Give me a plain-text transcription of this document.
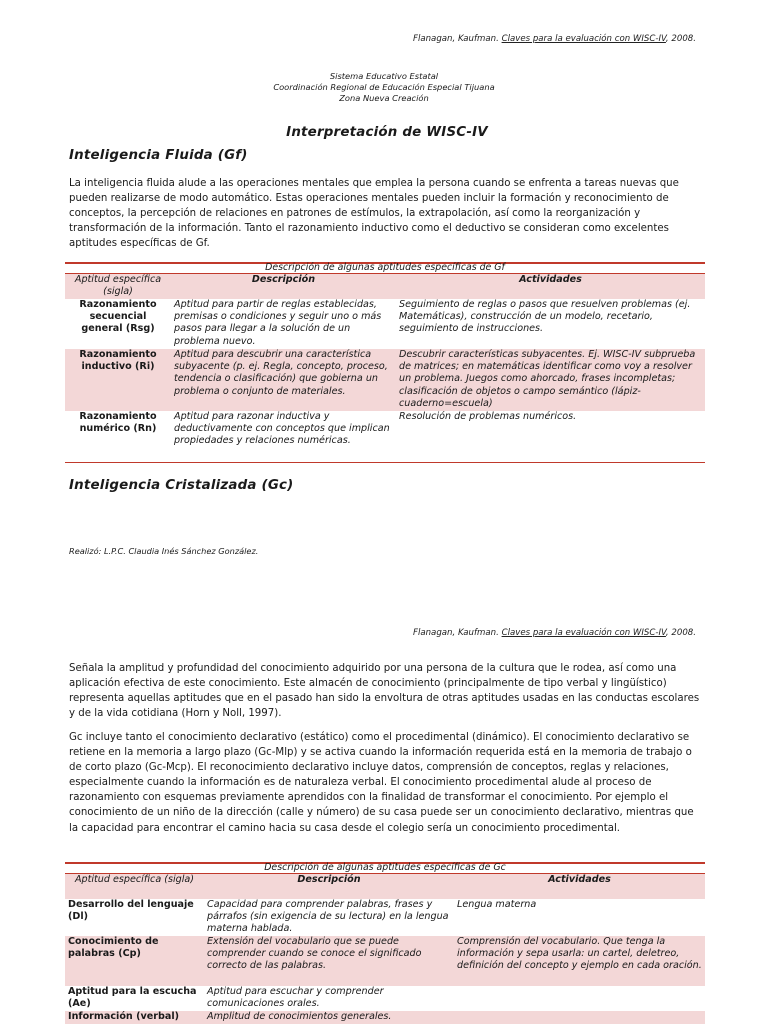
Flanagan, Kaufman. Claves para la evaluación con WISC-IV, 2008.
Sistema Educativo Estatal
Coordinación Regional de Educación Especial Tijuana
Zona Nueva Creación
Interpretación de WISC-IV
Inteligencia Fluida (Gf)
La inteligencia fluida alude a las operaciones mentales que emplea la persona cuando se enfrenta a tareas nuevas que pueden realizarse de modo automático. Estas operaciones mentales pueden incluir la formación y reconocimiento de conceptos, la percepción de relaciones en patrones de estímulos, la extrapolación, así como la reorganización y transformación de la información. Tanto el razonamiento inductivo como el deductivo se consideran como excelentes aptitudes específicas de Gf.
Descripción de algunas aptitudes específicas de Gf
Aptitud específica (sigla)	Descripción	Actividades
Razonamiento secuencial general (Rsg)	Aptitud para partir de reglas establecidas, premisas o condiciones y seguir uno o más pasos para llegar a la solución de un problema nuevo.	Seguimiento de reglas o pasos que resuelven problemas (ej. Matemáticas), construcción de un modelo, recetario, seguimiento de instrucciones.
Razonamiento inductivo (Ri)	Aptitud para descubrir una característica subyacente (p. ej. Regla, concepto, proceso, tendencia o clasificación) que gobierna un problema o conjunto de materiales.	Descubrir características subyacentes. Ej. WISC-IV subprueba de matrices; en matemáticas identificar como voy a resolver un problema. Juegos como ahorcado, frases incompletas; clasificación de objetos o campo semántico (lápiz-cuaderno=escuela)
Razonamiento numérico (Rn)	Aptitud para razonar inductiva y deductivamente con conceptos que implican propiedades y relaciones numéricas.	Resolución de problemas numéricos.
Inteligencia Cristalizada (Gc)
Realizó: L.P.C. Claudia Inés Sánchez González.
Flanagan, Kaufman. Claves para la evaluación con WISC-IV, 2008.
Señala la amplitud y profundidad del conocimiento adquirido por una persona de la cultura que le rodea, así como una aplicación efectiva de este conocimiento. Este almacén de conocimiento (principalmente de tipo verbal y lingüístico) representa aquellas aptitudes que en el pasado han sido la envoltura de otras aptitudes usadas en las conductas escolares y de la vida cotidiana (Horn y Noll, 1997).
Gc incluye tanto el conocimiento declarativo (estático) como el procedimental (dinámico). El conocimiento declarativo se retiene en la memoria a largo plazo (Gc-Mlp) y se activa cuando la información requerida está en la memoria de trabajo o de corto plazo (Gc-Mcp). El reconocimiento declarativo incluye datos, comprensión de conceptos, reglas y relaciones, especialmente cuando la información es de naturaleza verbal. El conocimiento procedimental alude al proceso de razonamiento con esquemas previamente aprendidos con la finalidad de transformar el conocimiento. Por ejemplo el conocimiento de un niño de la dirección (calle y número) de su casa puede ser un conocimiento declarativo, mientras que la capacidad para encontrar el camino hacia su casa desde el colegio sería un conocimiento procedimental.
Descripción de algunas aptitudes específicas de Gc
Aptitud específica (sigla)	Descripción	Actividades
Desarrollo del lenguaje (Dl)	Capacidad para comprender palabras, frases y párrafos (sin exigencia de su lectura) en la lengua materna hablada.	Lengua materna
Conocimiento de palabras (Cp)	Extensión del vocabulario que se puede comprender cuando se conoce el significado correcto de las palabras.	Comprensión del vocabulario. Que tenga la información y sepa usarla: un cartel, deletreo, definición del concepto y ejemplo en cada oración.
Aptitud para la escucha (Ae)	Aptitud para escuchar y comprender comunicaciones orales.	
Información (verbal)	Amplitud de conocimientos generales.	
